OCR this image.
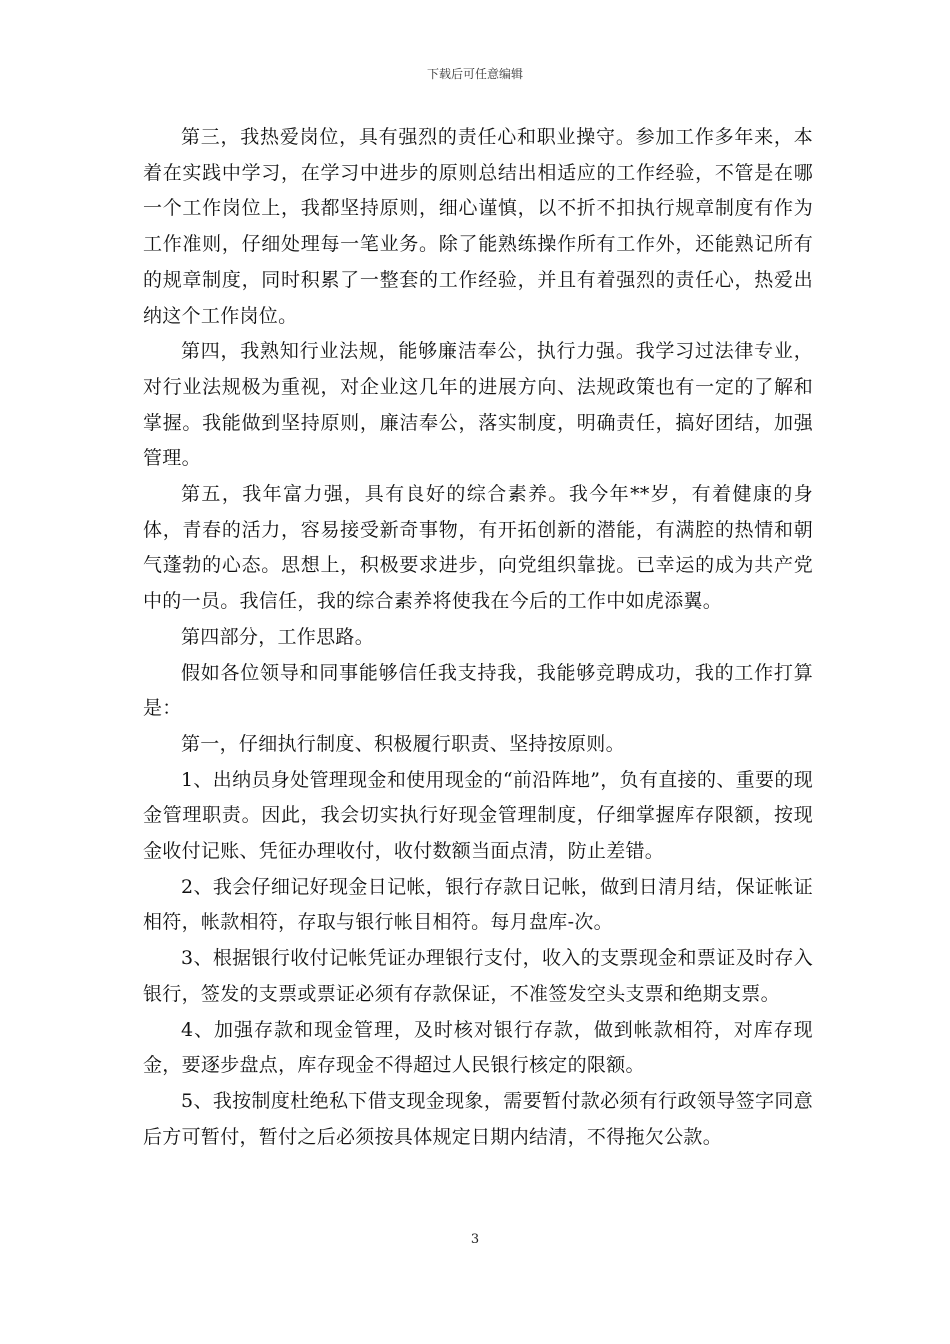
下载后可任意编辑

第三，我热爱岗位，具有强烈的责任心和职业操守。参加工作多年来，本着在实践中学习，在学习中进步的原则总结出相适应的工作经验，不管是在哪一个工作岗位上，我都坚持原则，细心谨慎，以不折不扣执行规章制度有作为工作准则，仔细处理每一笔业务。除了能熟练操作所有工作外，还能熟记所有的规章制度，同时积累了一整套的工作经验，并且有着强烈的责任心，热爱出纳这个工作岗位。

第四，我熟知行业法规，能够廉洁奉公，执行力强。我学习过法律专业，对行业法规极为重视，对企业这几年的进展方向、法规政策也有一定的了解和掌握。我能做到坚持原则，廉洁奉公，落实制度，明确责任，搞好团结，加强管理。

第五，我年富力强，具有良好的综合素养。我今年**岁，有着健康的身体，青春的活力，容易接受新奇事物，有开拓创新的潜能，有满腔的热情和朝气蓬勃的心态。思想上，积极要求进步，向党组织靠拢。已幸运的成为共产党中的一员。我信任，我的综合素养将使我在今后的工作中如虎添翼。

第四部分，工作思路。

假如各位领导和同事能够信任我支持我，我能够竞聘成功，我的工作打算是：

第一，仔细执行制度、积极履行职责、坚持按原则。

1、出纳员身处管理现金和使用现金的“前沿阵地”，负有直接的、重要的现金管理职责。因此，我会切实执行好现金管理制度，仔细掌握库存限额，按现金收付记账、凭征办理收付，收付数额当面点清，防止差错。

2、我会仔细记好现金日记帐，银行存款日记帐，做到日清月结，保证帐证相符，帐款相符，存取与银行帐目相符。每月盘库-次。

3、根据银行收付记帐凭证办理银行支付，收入的支票现金和票证及时存入银行，签发的支票或票证必须有存款保证，不准签发空头支票和绝期支票。

4、加强存款和现金管理，及时核对银行存款，做到帐款相符，对库存现金，要逐步盘点，库存现金不得超过人民银行核定的限额。

5、我按制度杜绝私下借支现金现象，需要暂付款必须有行政领导签字同意后方可暂付，暂付之后必须按具体规定日期内结清，不得拖欠公款。

3
